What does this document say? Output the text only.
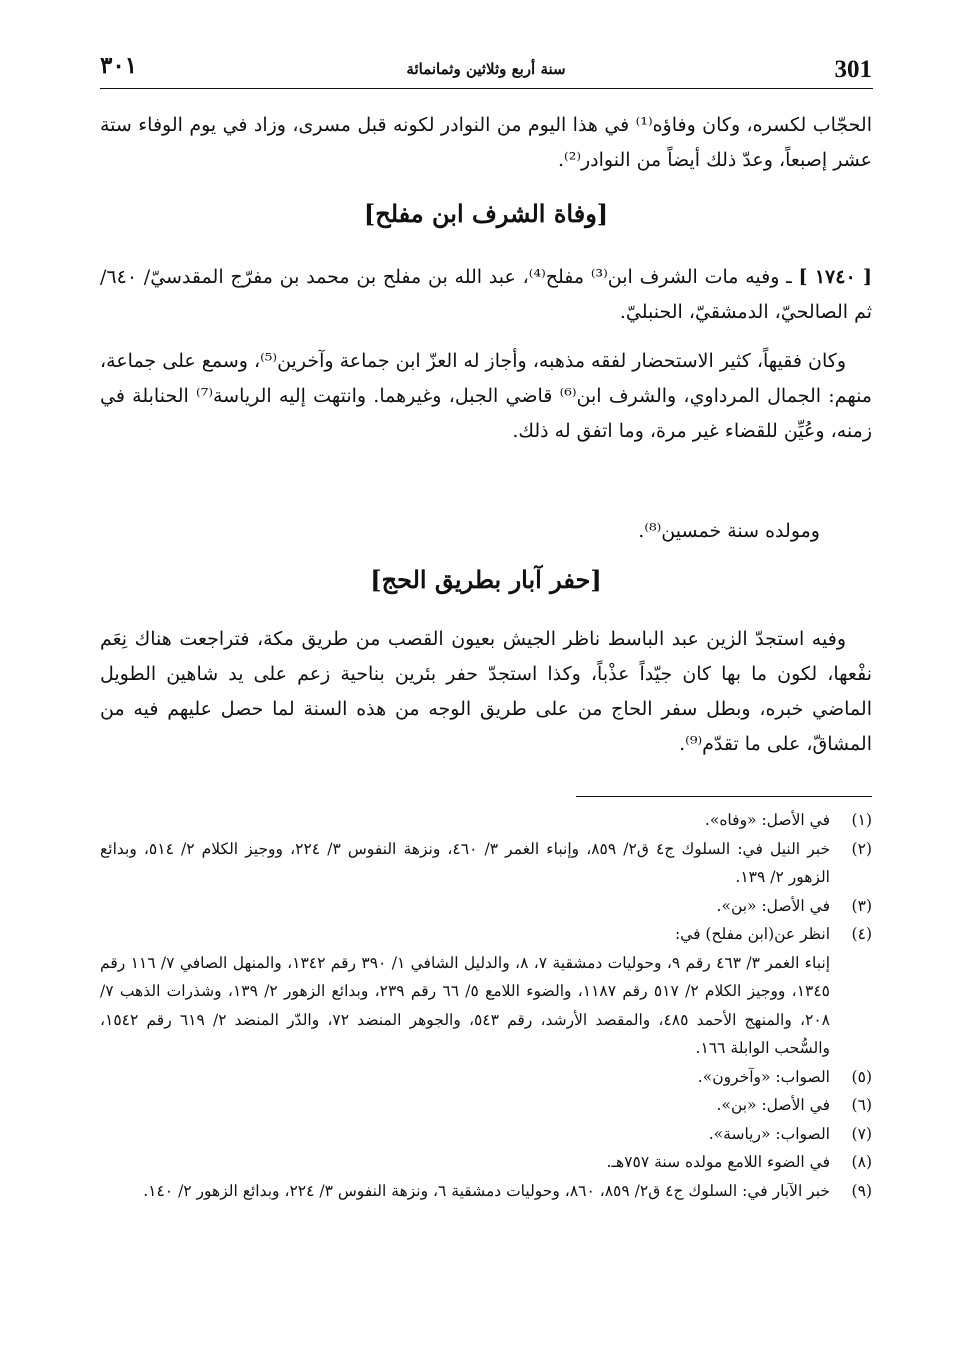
301
سنة أربع وثلاثين وثمانمائة
٣٠١

الحجّاب لكسره، وكان وفاؤه⁽¹⁾ في هذا اليوم من النوادر لكونه قبل مسرى، وزاد في يوم الوفاء ستة عشر إصبعاً، وعدّ ذلك أيضاً من النوادر⁽²⁾.

[وفاة الشرف ابن مفلح]

[ ١٧٤٠ ] ـ وفيه مات الشرف ابن⁽³⁾ مفلح⁽⁴⁾، عبد الله بن مفلح بن محمد بن مفرّج المقدسيّ/ ٦٤٠/ ثم الصالحيّ، الدمشقيّ، الحنبليّ.

وكان فقيهاً، كثير الاستحضار لفقه مذهبه، وأجاز له العزّ ابن جماعة وآخرين⁽⁵⁾، وسمع على جماعة، منهم: الجمال المرداوي، والشرف ابن⁽⁶⁾ قاضي الجبل، وغيرهما. وانتهت إليه الرياسة⁽⁷⁾ الحنابلة في زمنه، وعُيِّن للقضاء غير مرة، وما اتفق له ذلك.

ومولده سنة خمسين⁽⁸⁾.

[حفر آبار بطريق الحج]

وفيه استجدّ الزين عبد الباسط ناظر الجيش بعيون القصب من طريق مكة، فتراجعت هناك نِعَم نفْعها، لكون ما بها كان جيّداً عذْباً، وكذا استجدّ حفر بئرين بناحية زعم على يد شاهين الطويل الماضي خبره، وبطل سفر الحاج من على طريق الوجه من هذه السنة لما حصل عليهم فيه من المشاقّ، على ما تقدّم⁽⁹⁾.

(١)
في الأصل: «وفاه».
(٢)
خبر النيل في: السلوك ج٤ ق٢/ ٨٥٩، وإنباء الغمر ٣/ ٤٦٠، ونزهة النفوس ٣/ ٢٢٤، ووجيز الكلام ٢/ ٥١٤، وبدائع الزهور ٢/ ١٣٩.
(٣)
في الأصل: «بن».
(٤)
انظر عن(ابن مفلح) في:
إنباء الغمر ٣/ ٤٦٣ رقم ٩، وحوليات دمشقية ٧، ٨، والدليل الشافي ١/ ٣٩٠ رقم ١٣٤٢، والمنهل الصافي ٧/ ١١٦ رقم ١٣٤٥، ووجيز الكلام ٢/ ٥١٧ رقم ١١٨٧، والضوء اللامع ٥/ ٦٦ رقم ٢٣٩، وبدائع الزهور ٢/ ١٣٩، وشذرات الذهب ٧/ ٢٠٨، والمنهج الأحمد ٤٨٥، والمقصد الأرشد، رقم ٥٤٣، والجوهر المنضد ٧٢، والدّر المنضد ٢/ ٦١٩ رقم ١٥٤٢، والسُّحب الوابلة ١٦٦.
(٥)
الصواب: «وآخرون».
(٦)
في الأصل: «بن».
(٧)
الصواب: «رياسة».
(٨)
في الضوء اللامع مولده سنة ٧٥٧هـ.
(٩)
خبر الآبار في: السلوك ج٤ ق٢/ ٨٥٩، ٨٦٠، وحوليات دمشقية ٦، ونزهة النفوس ٣/ ٢٢٤، وبدائع الزهور ٢/ ١٤٠.
